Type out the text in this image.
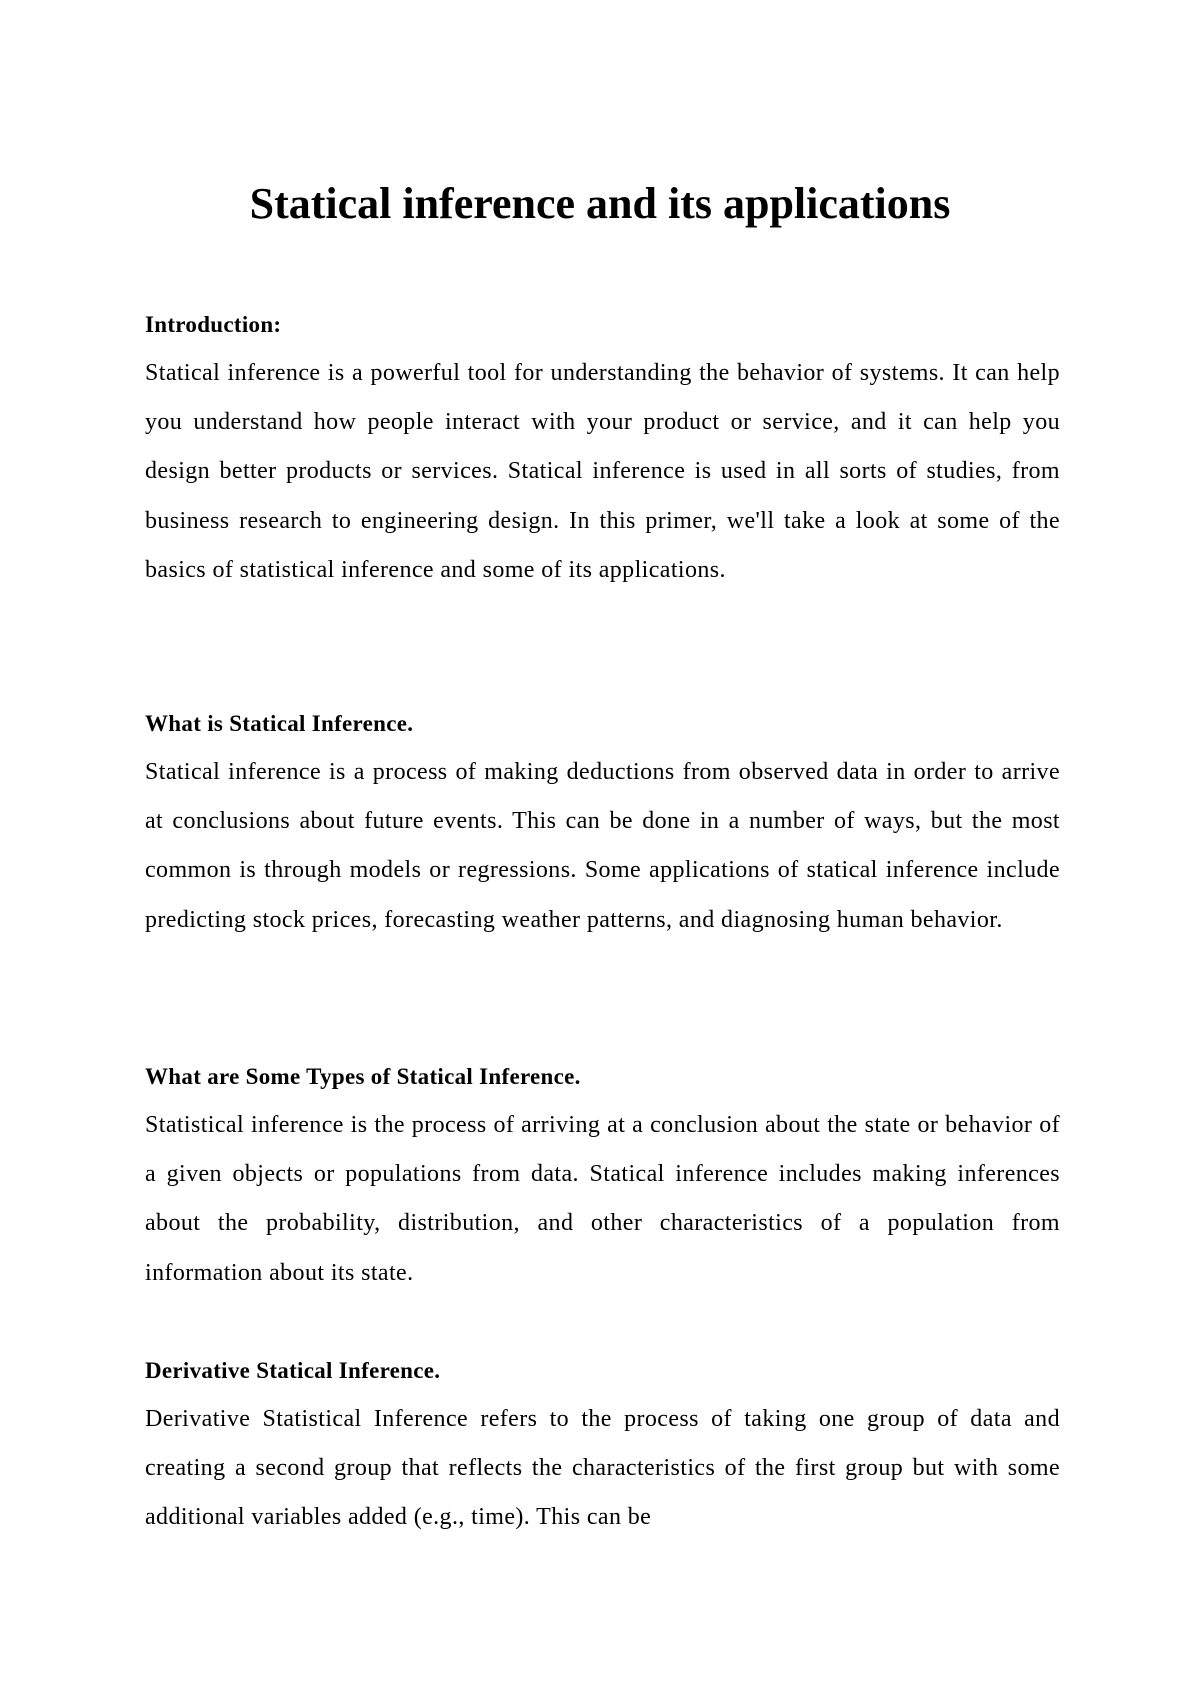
Statical inference and its applications
Introduction:

Statical inference is a powerful tool for understanding the behavior of systems. It can help you understand how people interact with your product or service, and it can help you design better products or services. Statical inference is used in all sorts of studies, from business research to engineering design. In this primer, we'll take a look at some of the basics of statistical inference and some of its applications.

What is Statical Inference.

Statical inference is a process of making deductions from observed data in order to arrive at conclusions about future events. This can be done in a number of ways, but the most common is through models or regressions. Some applications of statical inference include predicting stock prices, forecasting weather patterns, and diagnosing human behavior.

What are Some Types of Statical Inference.

Statistical inference is the process of arriving at a conclusion about the state or behavior of a given objects or populations from data. Statical inference includes making inferences about the probability, distribution, and other characteristics of a population from information about its state.

Derivative Statical Inference.

Derivative Statistical Inference refers to the process of taking one group of data and creating a second group that reflects the characteristics of the first group but with some additional variables added (e.g., time). This can be
